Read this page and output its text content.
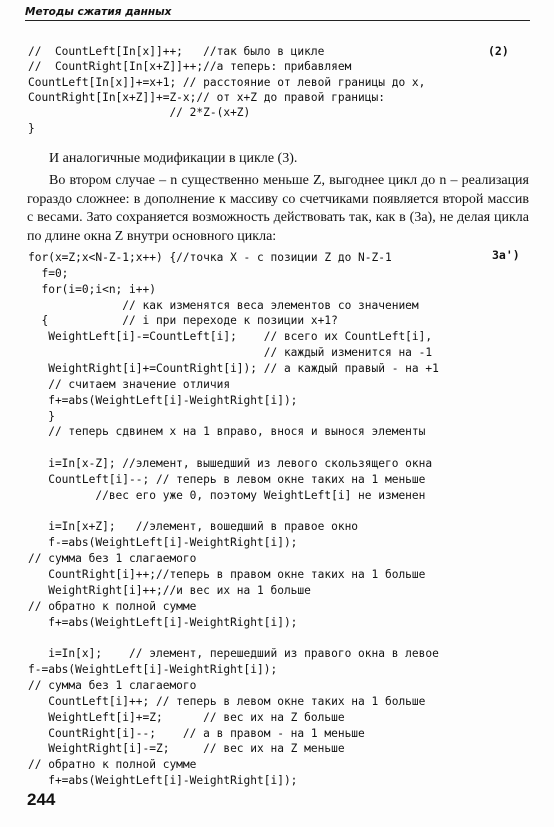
Методы сжатия данных
//  CountLeft[In[x]]++;   //так было в цикле
//  CountRight[In[x+Z]]++;//а теперь: прибавляем
CountLeft[In[x]]+=x+1; // расстояние от левой границы до x,
CountRight[In[x+Z]]+=Z-x;// от x+Z до правой границы:
// 2*Z-(x+Z)
}
(2)
И аналогичные модификации в цикле (3).
Во втором случае – n существенно меньше Z, выгоднее цикл до n – реализация гораздо сложнее: в дополнение к массиву со счетчиками появляется второй массив с весами. Зато сохраняется возможность действовать так, как в (3a), не делая цикла по длине окна Z внутри основного цикла:
for(x=Z;x<N-Z-1;x++) {//точка X - с позиции Z до N-Z-1
f=0;
for(i=0;i<n; i++)
// как изменятся веса элементов со значением
{           // i при переходе к позиции x+1?
WeightLeft[i]-=CountLeft[i];    // всего их CountLeft[i],
// каждый изменится на -1
WeightRight[i]+=CountRight[i]); // а каждый правый - на +1
// считаем значение отличия
f+=abs(WeightLeft[i]-WeightRight[i]);
}
// теперь сдвинем x на 1 вправо, внося и вынося элементы
i=In[x-Z]; //элемент, вышедший из левого скользящего окна
CountLeft[i]--; // теперь в левом окне таких на 1 меньше
//вес его уже 0, поэтому WeightLeft[i] не изменен
i=In[x+Z];   //элемент, вошедший в правое окно
f-=abs(WeightLeft[i]-WeightRight[i]);
// сумма без 1 слагаемого
CountRight[i]++;//теперь в правом окне таких на 1 больше
WeightRight[i]++;//и вес их на 1 больше
// обратно к полной сумме
f+=abs(WeightLeft[i]-WeightRight[i]);
i=In[x];    // элемент, перешедший из правого окна в левое
f-=abs(WeightLeft[i]-WeightRight[i]);
// сумма без 1 слагаемого
CountLeft[i]++; // теперь в левом окне таких на 1 больше
WeightLeft[i]+=Z;      // вес их на Z больше
CountRight[i]--;    // а в правом - на 1 меньше
WeightRight[i]-=Z;     // вес их на Z меньше
// обратно к полной сумме
f+=abs(WeightLeft[i]-WeightRight[i]);
3a')
244
